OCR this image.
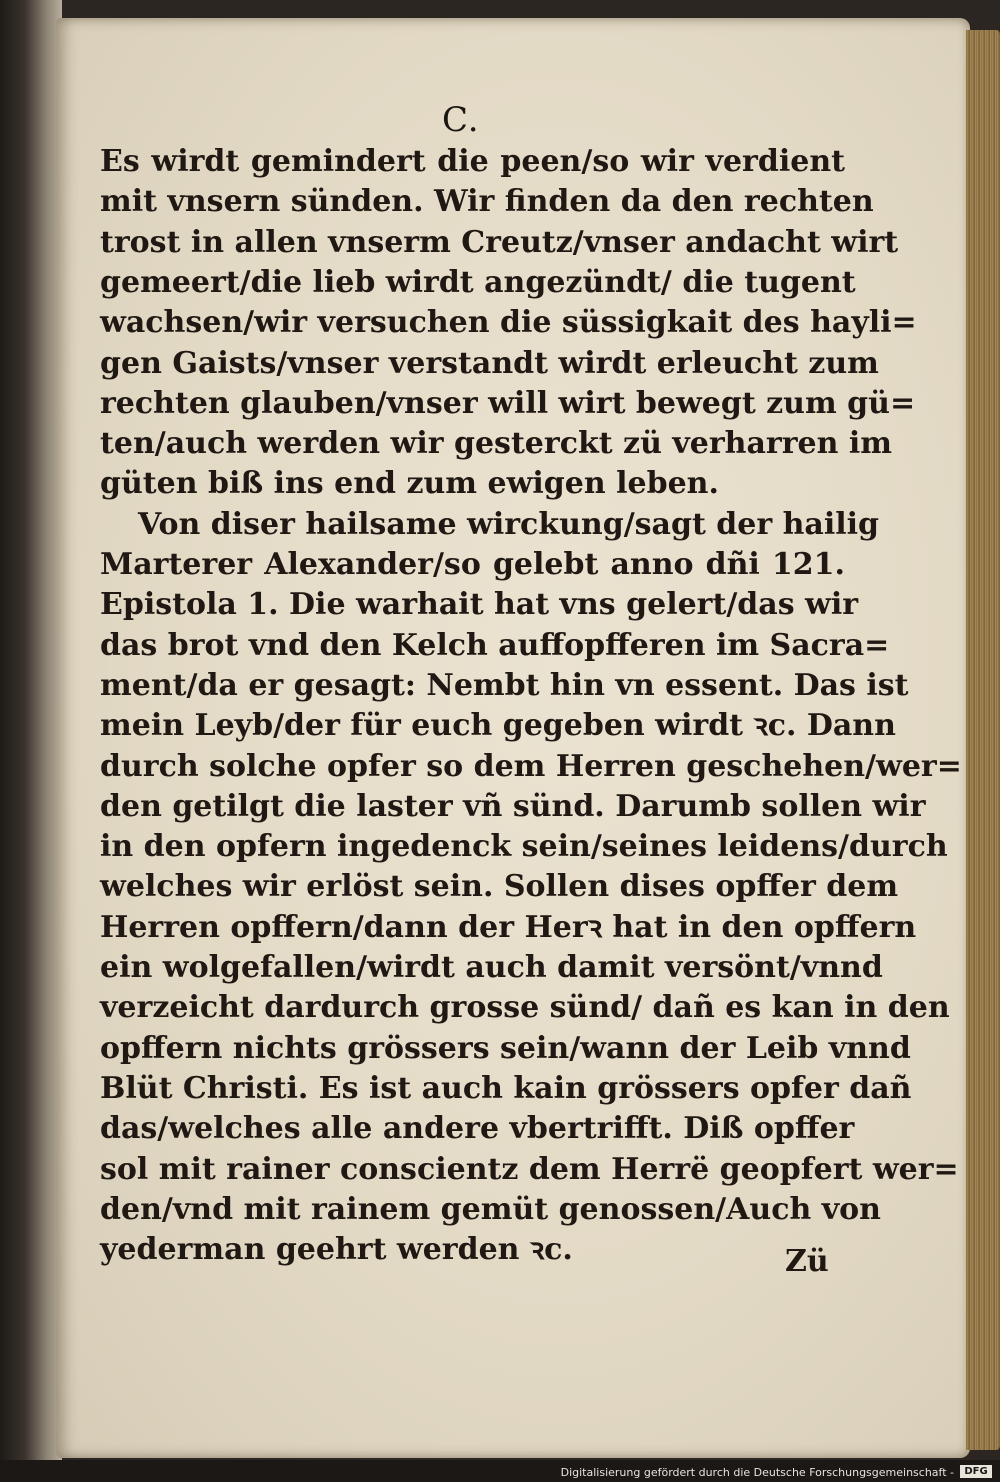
C.
Es wirdt gemindert die peen/so wir verdient
mit vnsern sünden. Wir finden da den rechten
trost in allen vnserm Creutz/vnser andacht wirt
gemeert/die lieb wirdt angezündt/ die tugent
wachsen/wir versuchen die süssigkait des hayli=
gen Gaists/vnser verstandt wirdt erleucht zum
rechten glauben/vnser will wirt bewegt zum gü=
ten/auch werden wir gesterckt zü verharren im
güten biß ins end zum ewigen leben.
Von diser hailsame wirckung/sagt der hailig
Marterer Alexander/so gelebt anno dñi 121.
Epistola 1. Die warhait hat vns gelert/das wir
das brot vnd den Kelch auffopfferen im Sacra=
ment/da er gesagt: Nembt hin vn essent. Das ist
mein Leyb/der für euch gegeben wirdt ꝛc. Dann
durch solche opfer so dem Herren geschehen/wer=
den getilgt die laster vñ sünd. Darumb sollen wir
in den opfern ingedenck sein/seines leidens/durch
welches wir erlöst sein. Sollen dises opffer dem
Herren opffern/dann der Herꝛ hat in den opffern
ein wolgefallen/wirdt auch damit versönt/vnnd
verzeicht dardurch grosse sünd/ dañ es kan in den
opffern nichts grössers sein/wann der Leib vnnd
Blüt Christi. Es ist auch kain grössers opfer dañ
das/welches alle andere vbertrifft. Diß opffer
sol mit rainer conscientz dem Herrë geopfert wer=
den/vnd mit rainem gemüt genossen/Auch von
yederman geehrt werden ꝛc.	Zü
Digitalisierung gefördert durch die Deutsche Forschungsgemeinschaft -	DFG
